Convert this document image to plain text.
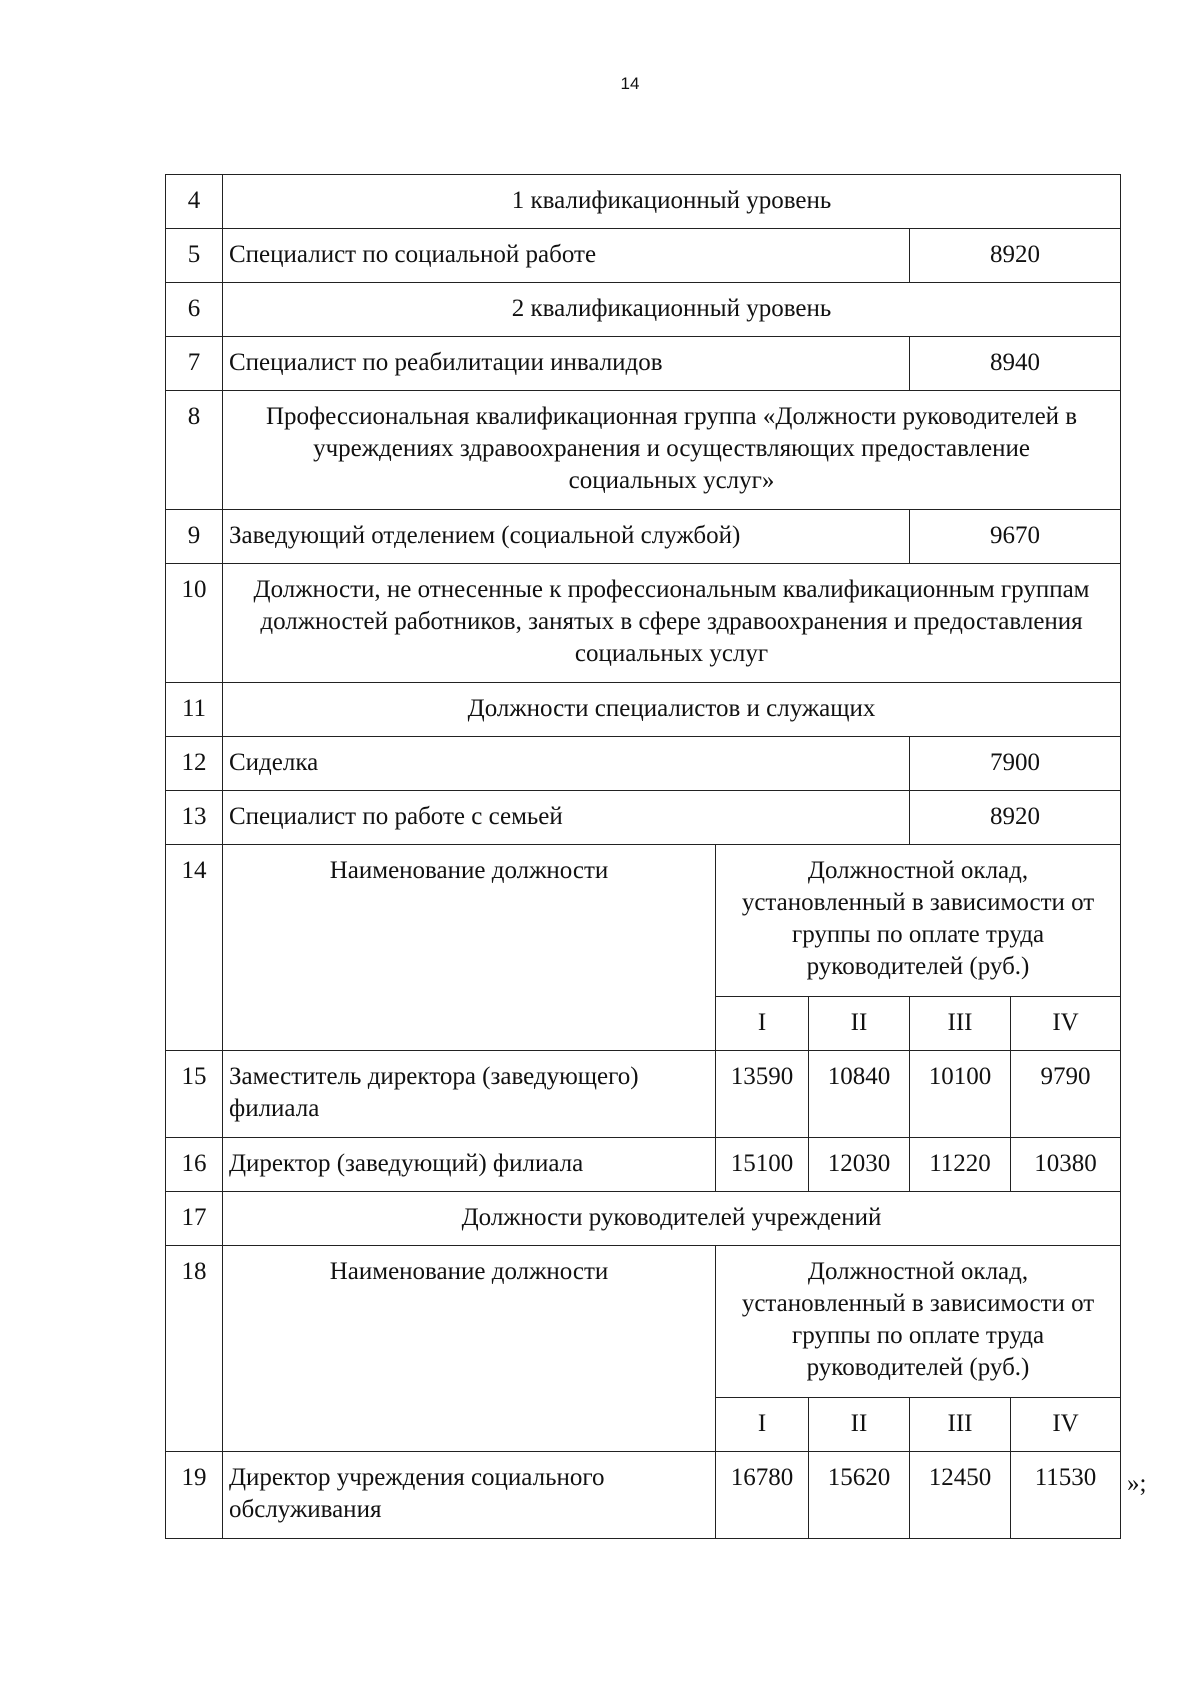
14
4	1 квалификационный уровень				
5	Специалист по социальной работе			8920	
6	2 квалификационный уровень				
7	Специалист по реабилитации инвалидов			8940	
8	Профессиональная квалификационная группа «Должности руководителей в учреждениях здравоохранения и осуществляющих предоставление социальных услуг»				
9	Заведующий отделением (социальной службой)			9670	
10	Должности, не отнесенные к профессиональным квалификационным группам должностей работников, занятых в сфере здравоохранения и предоставления социальных услуг				
11	Должности специалистов и служащих				
12	Сиделка			7900	
13	Специалист по работе с семьей			8920	
14	Наименование должности	Должностной оклад, установленный в зависимости от группы по оплате труда руководителей (руб.)			
		I	II	III	IV
15	Заместитель директора (заведующего) филиала	13590	10840	10100	9790
16	Директор (заведующий) филиала	15100	12030	11220	10380
17	Должности руководителей учреждений				
18	Наименование должности	Должностной оклад, установленный в зависимости от группы по оплате труда руководителей (руб.)			
		I	II	III	IV
19	Директор учреждения социального обслуживания	16780	15620	12450	11530 »;
